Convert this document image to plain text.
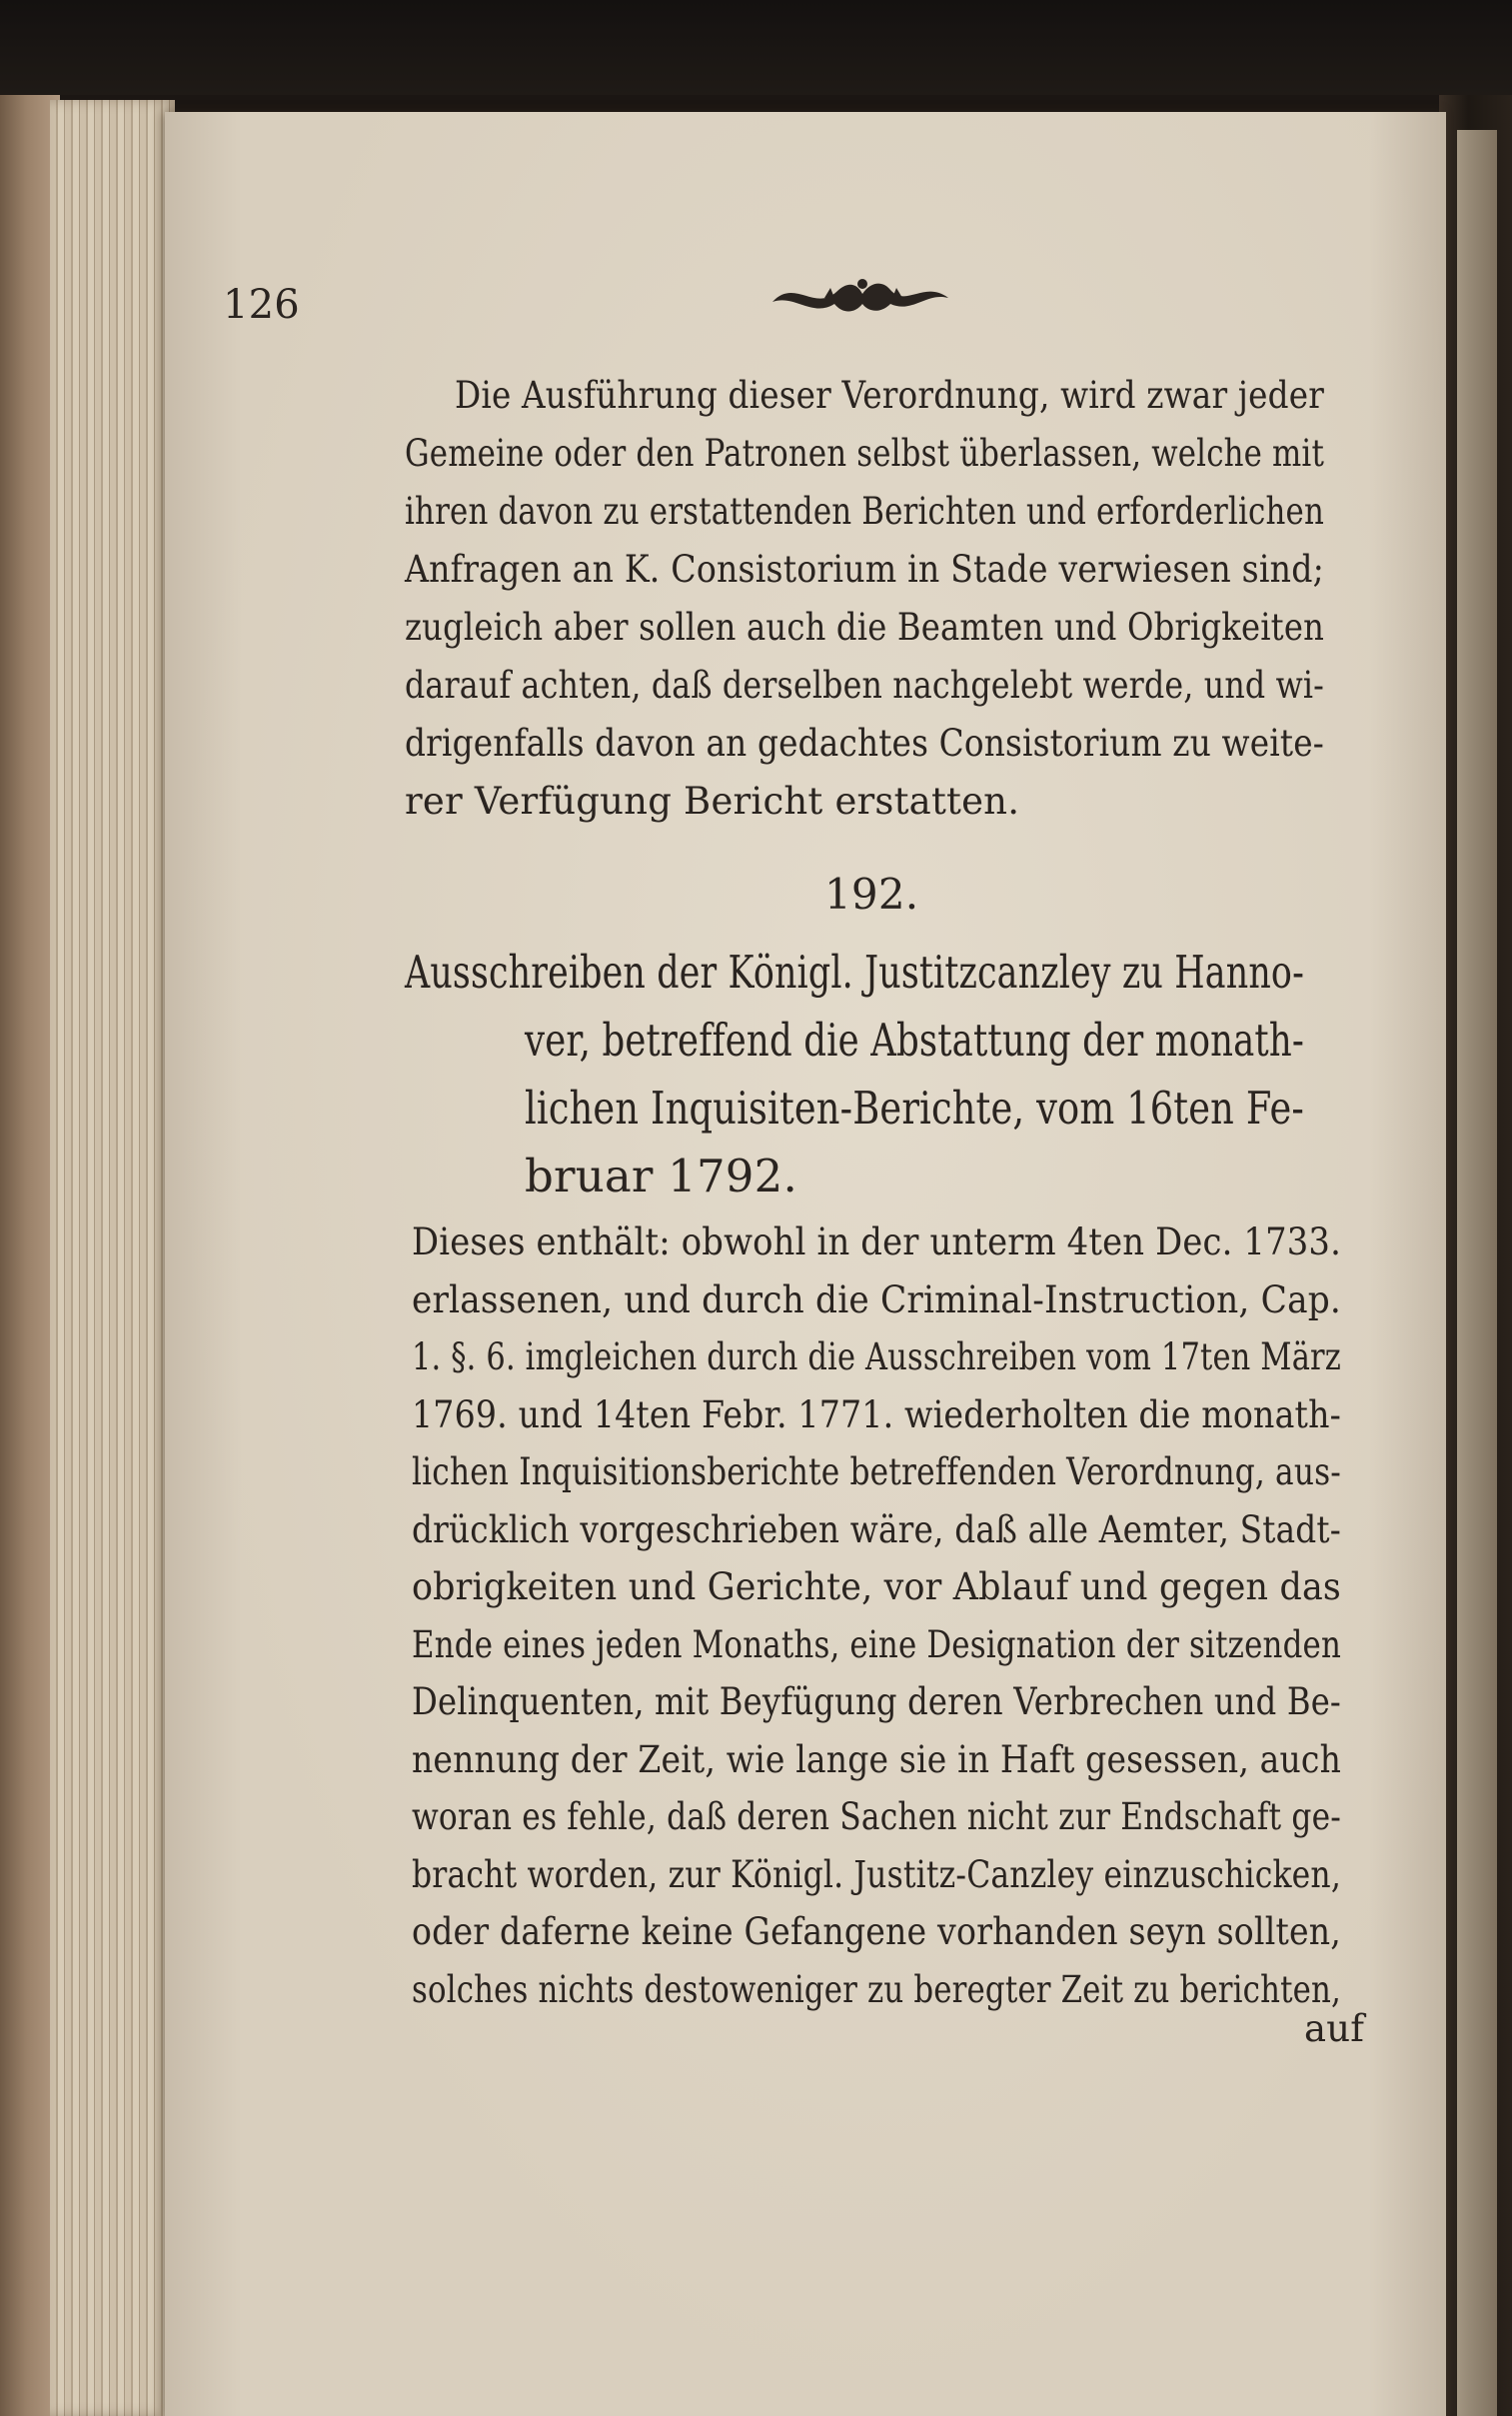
126
Die Ausführung dieser Verordnung, wird zwar jeder
Gemeine oder den Patronen selbst überlassen, welche mit
ihren davon zu erstattenden Berichten und erforderlichen
Anfragen an K. Consistorium in Stade verwiesen sind;
zugleich aber sollen auch die Beamten und Obrigkeiten
darauf achten, daß derselben nachgelebt werde, und wi-
drigenfalls davon an gedachtes Consistorium zu weite-
rer Verfügung Bericht erstatten.
192.
Ausschreiben der Königl. Justitzcanzley zu Hanno-
ver, betreffend die Abstattung der monath-
lichen Inquisiten-Berichte, vom 16ten Fe-
bruar 1792.
Dieses enthält: obwohl in der unterm 4ten Dec. 1733.
erlassenen, und durch die Criminal-Instruction, Cap.
1. §. 6. imgleichen durch die Ausschreiben vom 17ten März
1769. und 14ten Febr. 1771. wiederholten die monath-
lichen Inquisitionsberichte betreffenden Verordnung, aus-
drücklich vorgeschrieben wäre, daß alle Aemter, Stadt-
obrigkeiten und Gerichte, vor Ablauf und gegen das
Ende eines jeden Monaths, eine Designation der sitzenden
Delinquenten, mit Beyfügung deren Verbrechen und Be-
nennung der Zeit, wie lange sie in Haft gesessen, auch
woran es fehle, daß deren Sachen nicht zur Endschaft ge-
bracht worden, zur Königl. Justitz-Canzley einzuschicken,
oder daferne keine Gefangene vorhanden seyn sollten,
solches nichts destoweniger zu beregter Zeit zu berichten,
auf
